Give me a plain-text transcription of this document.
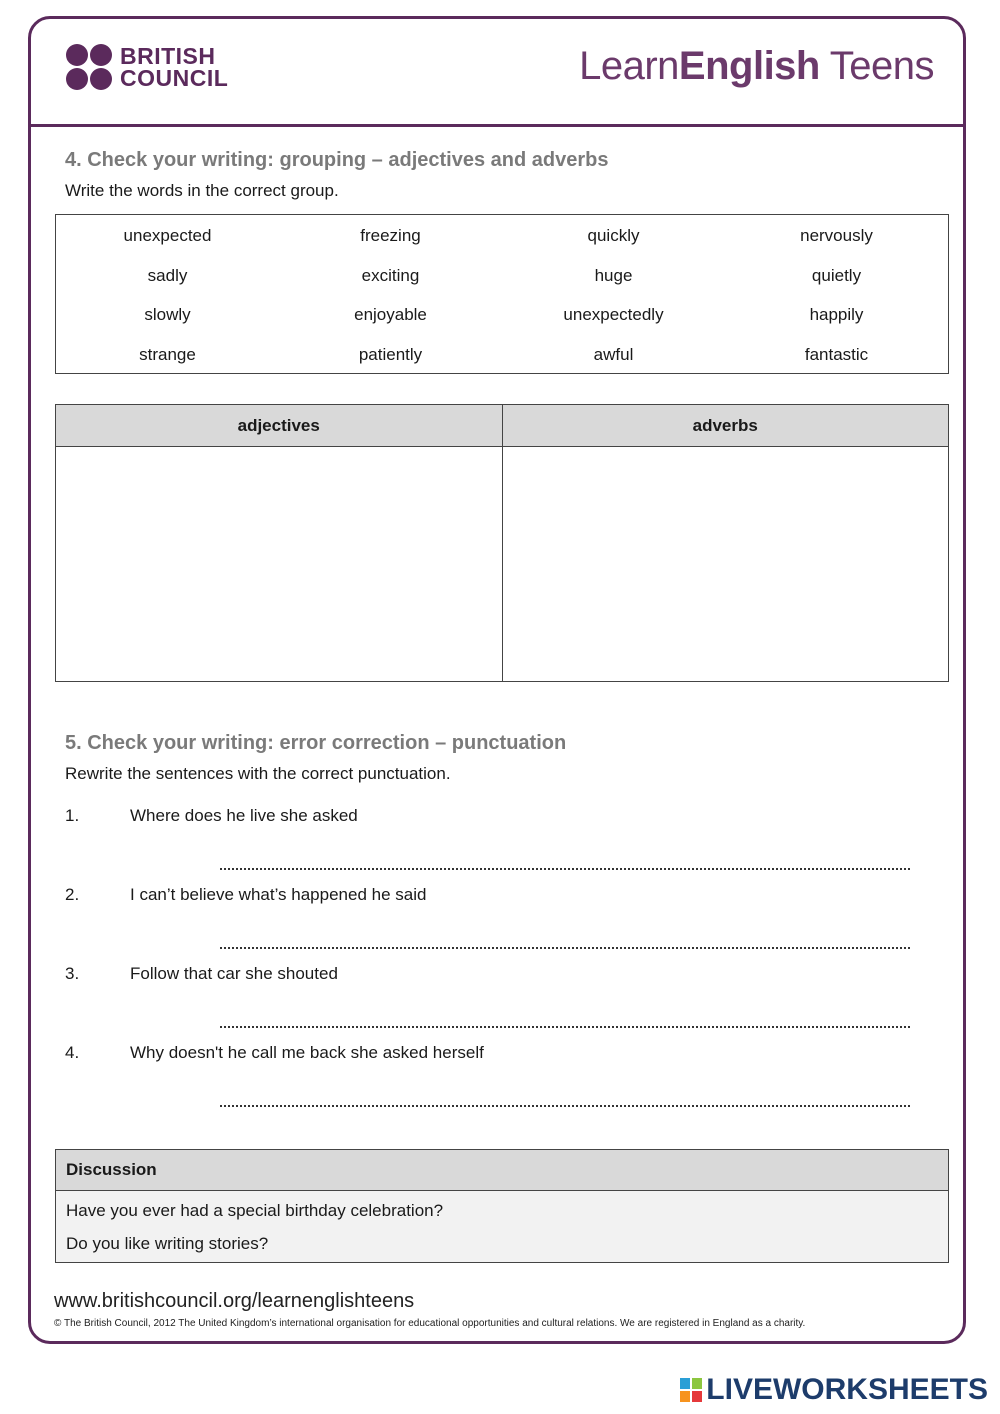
BRITISH
COUNCIL	LearnEnglish Teens
4. Check your writing: grouping – adjectives and adverbs
Write the words in the correct group.
unexpected	freezing	quickly	nervously
sadly	exciting	huge	quietly
slowly	enjoyable	unexpectedly	happily
strange	patiently	awful	fantastic
adjectives	adverbs

5. Check your writing: error correction – punctuation
Rewrite the sentences with the correct punctuation.
1.	Where does he live she asked
2.	I can’t believe what’s happened he said
3.	Follow that car she shouted
4.	Why doesn't he call me back she asked herself
Discussion
Have you ever had a special birthday celebration?
Do you like writing stories?
www.britishcouncil.org/learnenglishteens
© The British Council, 2012 The United Kingdom’s international organisation for educational opportunities and cultural relations. We are registered in England as a charity.
LIVEWORKSHEETS
